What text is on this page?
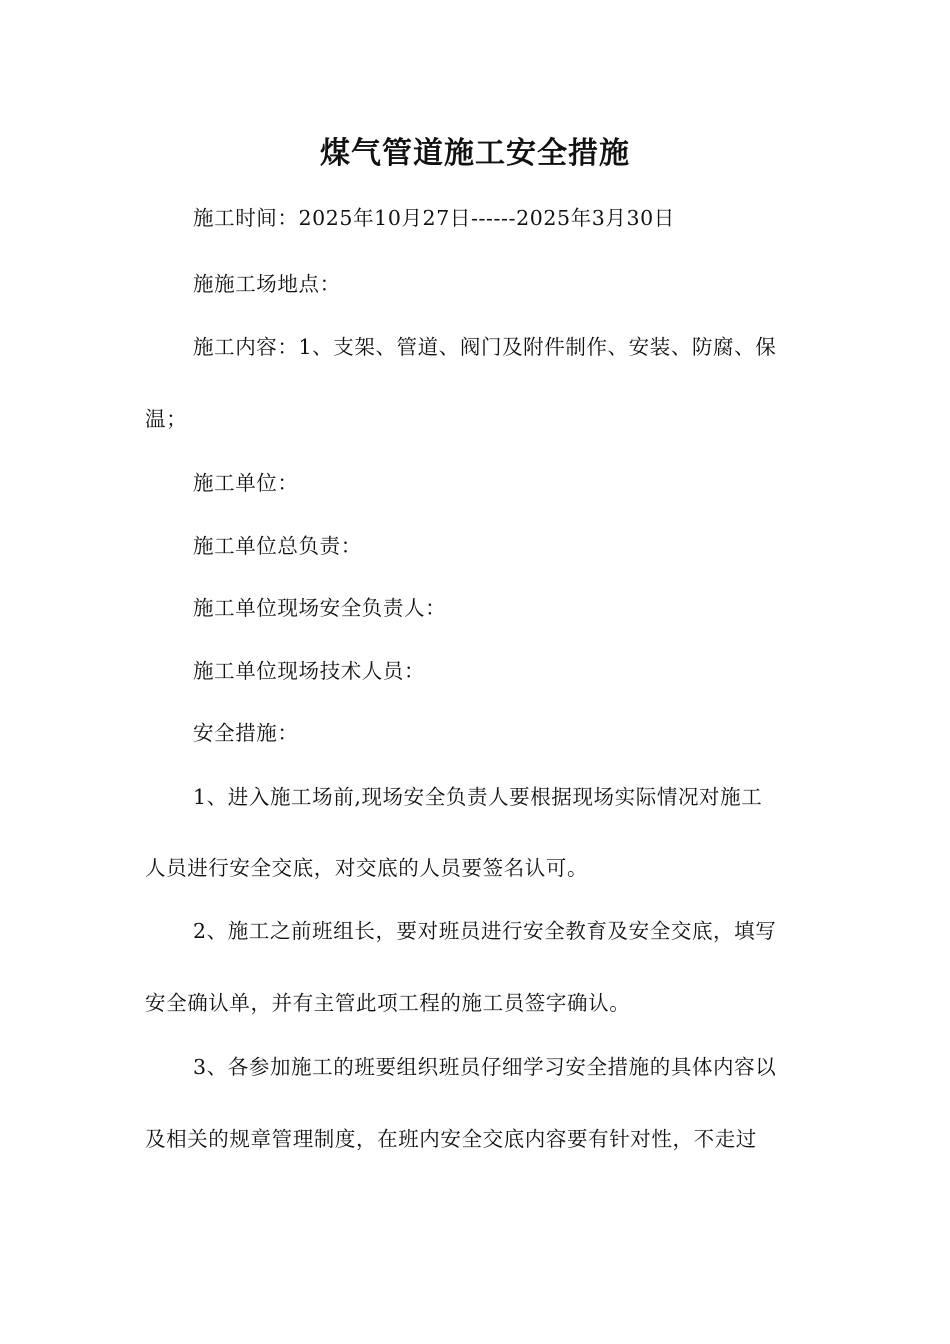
煤气管道施工安全措施
施工时间：2025年10月27日------2025年3月30日
施施工场地点：
施工内容：1、支架、管道、阀门及附件制作、安装、防腐、保
温；
施工单位：
施工单位总负责：
施工单位现场安全负责人：
施工单位现场技术人员：
安全措施：
1、进入施工场前,现场安全负责人要根据现场实际情况对施工
人员进行安全交底，对交底的人员要签名认可。
2、施工之前班组长，要对班员进行安全教育及安全交底，填写
安全确认单，并有主管此项工程的施工员签字确认。
3、各参加施工的班要组织班员仔细学习安全措施的具体内容以
及相关的规章管理制度，在班内安全交底内容要有针对性，不走过
